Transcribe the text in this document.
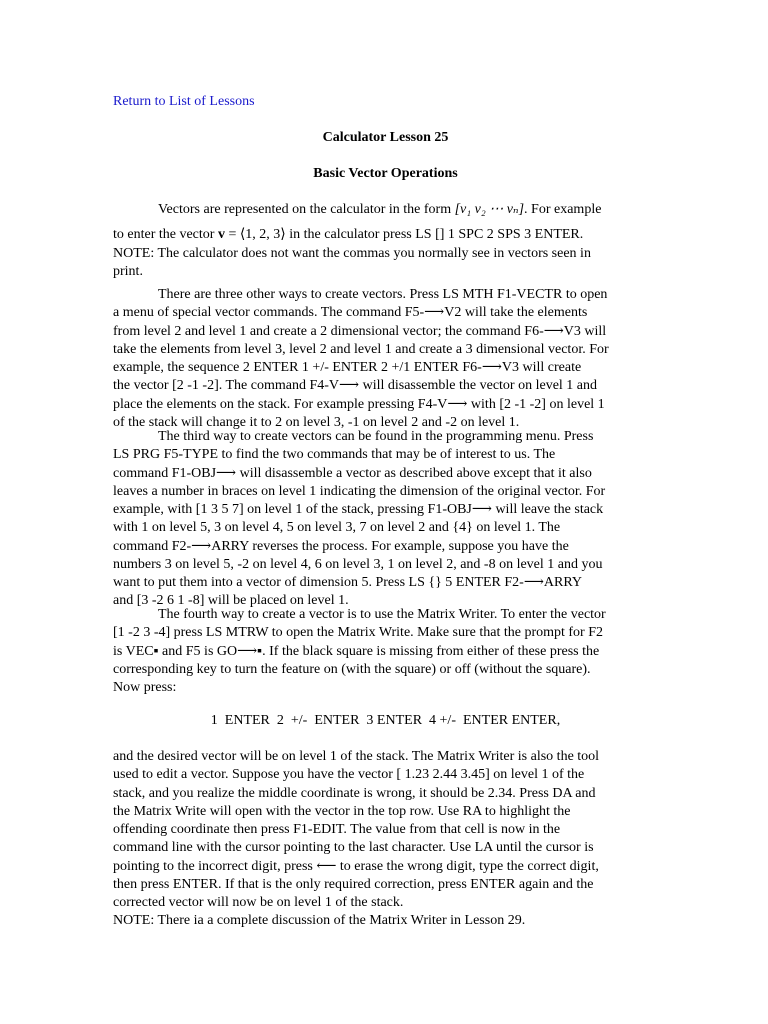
Return to List of Lessons
Calculator Lesson 25
Basic Vector Operations
Vectors are represented on the calculator in the form [v₁ v₂ ⋯ vₙ]. For example
to enter the vector v = ⟨1, 2, 3⟩ in the calculator press LS [] 1 SPC 2 SPS 3 ENTER.
NOTE: The calculator does not want the commas you normally see in vectors seen in
print.
There are three other ways to create vectors. Press LS MTH F1-VECTR to open
a menu of special vector commands. The command F5-⟶V2 will take the elements
from level 2 and level 1 and create a 2 dimensional vector; the command F6-⟶V3 will
take the elements from level 3, level 2 and level 1 and create a 3 dimensional vector. For
example, the sequence 2 ENTER 1 +/- ENTER 2 +/1 ENTER F6-⟶V3 will create
the vector [2 -1 -2]. The command F4-V⟶ will disassemble the vector on level 1 and
place the elements on the stack. For example pressing F4-V⟶ with [2 -1 -2] on level 1
of the stack will change it to 2 on level 3, -1 on level 2 and -2 on level 1.
The third way to create vectors can be found in the programming menu. Press
LS PRG F5-TYPE to find the two commands that may be of interest to us. The
command F1-OBJ⟶ will disassemble a vector as described above except that it also
leaves a number in braces on level 1 indicating the dimension of the original vector. For
example, with [1 3 5 7] on level 1 of the stack, pressing F1-OBJ⟶ will leave the stack
with 1 on level 5, 3 on level 4, 5 on level 3, 7 on level 2 and {4} on level 1. The
command F2-⟶ARRY reverses the process. For example, suppose you have the
numbers 3 on level 5, -2 on level 4, 6 on level 3, 1 on level 2, and -8 on level 1 and you
want to put them into a vector of dimension 5. Press LS {} 5 ENTER F2-⟶ARRY
and [3 -2 6 1 -8] will be placed on level 1.
The fourth way to create a vector is to use the Matrix Writer. To enter the vector
[1 -2 3 -4] press LS MTRW to open the Matrix Write. Make sure that the prompt for F2
is VEC▪ and F5 is GO⟶▪. If the black square is missing from either of these press the
corresponding key to turn the feature on (with the square) or off (without the square).
Now press:
1  ENTER  2  +/-  ENTER  3 ENTER  4 +/-  ENTER ENTER,
and the desired vector will be on level 1 of the stack. The Matrix Writer is also the tool
used to edit a vector. Suppose you have the vector [ 1.23 2.44 3.45] on level 1 of the
stack, and you realize the middle coordinate is wrong, it should be 2.34. Press DA and
the Matrix Write will open with the vector in the top row. Use RA to highlight the
offending coordinate then press F1-EDIT. The value from that cell is now in the
command line with the cursor pointing to the last character. Use LA until the cursor is
pointing to the incorrect digit, press ⟵ to erase the wrong digit, type the correct digit,
then press ENTER. If that is the only required correction, press ENTER again and the
corrected vector will now be on level 1 of the stack.
NOTE: There ia a complete discussion of the Matrix Writer in Lesson 29.
